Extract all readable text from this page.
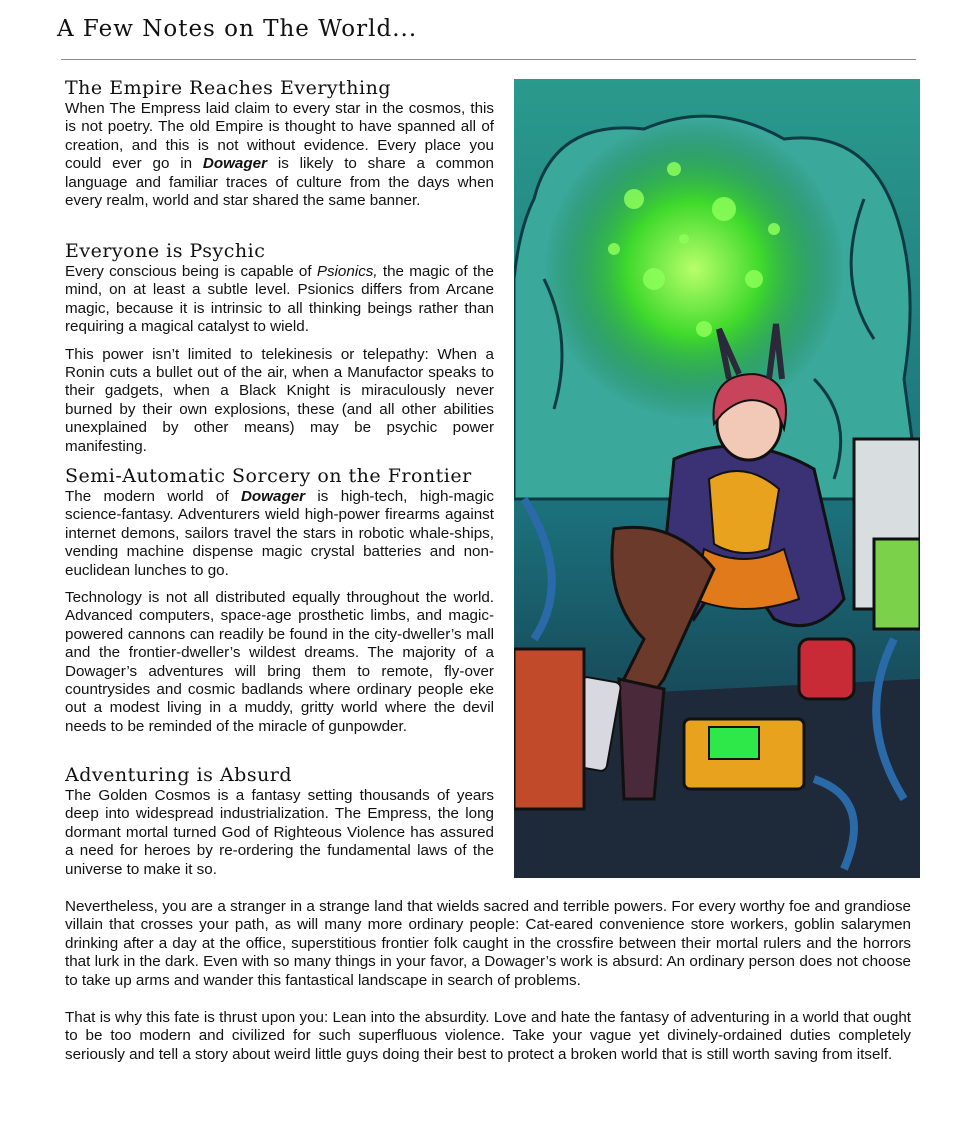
A Few Notes on The World...
The Empire Reaches Everything

When The Empress laid claim to every star in the cosmos, this is not poetry. The old Empire is thought to have spanned all of creation, and this is not without evidence. Every place you could ever go in Dowager is likely to share a common language and familiar traces of culture from the days when every realm, world and star shared the same banner.

Everyone is Psychic

Every conscious being is capable of Psionics, the magic of the mind, on at least a subtle level. Psionics differs from Arcane magic, because it is intrinsic to all thinking beings rather than requiring a magical catalyst to wield.

This power isn’t limited to telekinesis or telepathy: When a Ronin cuts a bullet out of the air, when a Manufactor speaks to their gadgets, when a Black Knight is miraculously never burned by their own explosions, these (and all other abilities unexplained by other means) may be psychic power manifesting.

Semi-Automatic Sorcery on the Frontier

The modern world of Dowager is high-tech, high-magic science-fantasy. Adventurers wield high-power firearms against internet demons, sailors travel the stars in robotic whale-ships, vending machine dispense magic crystal batteries and non-euclidean lunches to go.

Technology is not all distributed equally throughout the world. Advanced computers, space-age prosthetic limbs, and magic-powered cannons can readily be found in the city-dweller’s mall and the frontier-dweller’s wildest dreams. The majority of a Dowager’s adventures will bring them to remote, fly-over countrysides and cosmic badlands where ordinary people eke out a modest living in a muddy, gritty world where the devil needs to be reminded of the miracle of gunpowder.

Adventuring is Absurd

The Golden Cosmos is a fantasy setting thousands of years deep into widespread industrialization. The Empress, the long dormant mortal turned God of Righteous Violence has assured a need for heroes by re-ordering the fundamental laws of the universe to make it so.

Nevertheless, you are a stranger in a strange land that wields sacred and terrible powers. For every worthy foe and grandiose villain that crosses your path, as will many more ordinary people: Cat-eared convenience store workers, goblin salarymen drinking after a day at the office, superstitious frontier folk caught in the crossfire between their mortal rulers and the horrors that lurk in the dark. Even with so many things in your favor, a Dowager’s work is absurd: An ordinary person does not choose to take up arms and wander this fantastical landscape in search of problems.

That is why this fate is thrust upon you: Lean into the absurdity. Love and hate the fantasy of adventuring in a world that ought to be too modern and civilized for such superfluous violence. Take your vague yet divinely-ordained duties completely seriously and tell a story about weird little guys doing their best to protect a broken world that is still worth saving from itself.
